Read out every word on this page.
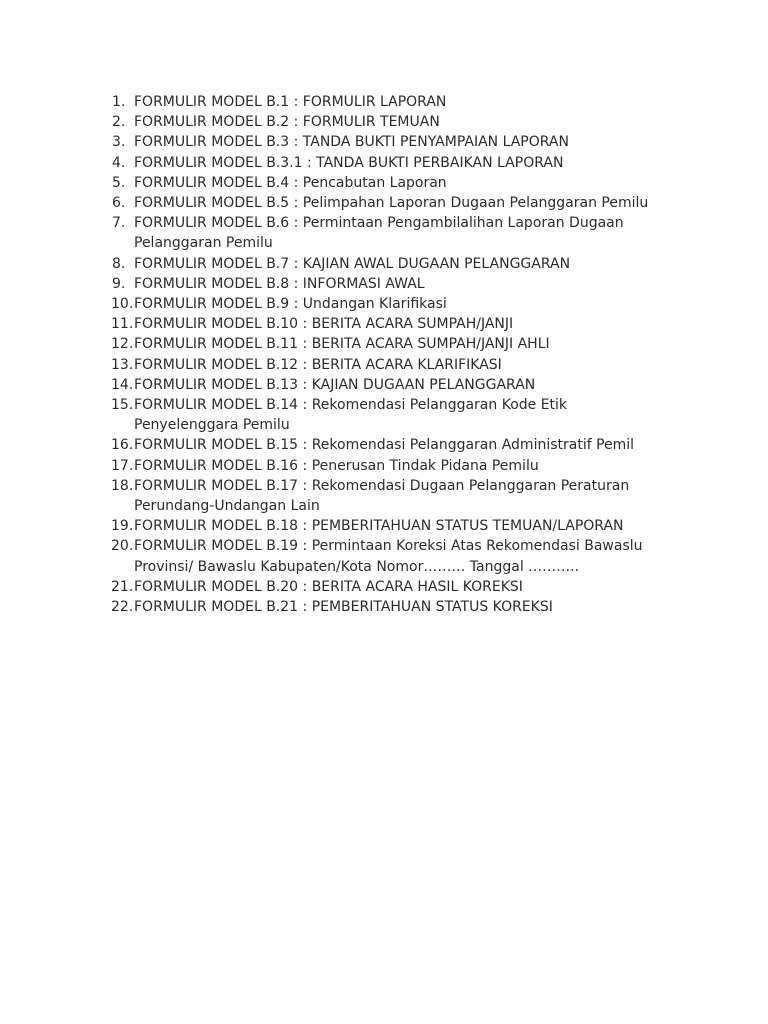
1. FORMULIR MODEL B.1 : FORMULIR LAPORAN
2. FORMULIR MODEL B.2 : FORMULIR TEMUAN
3. FORMULIR MODEL B.3 : TANDA BUKTI PENYAMPAIAN LAPORAN
4. FORMULIR MODEL B.3.1 : TANDA BUKTI PERBAIKAN LAPORAN
5. FORMULIR MODEL B.4 : Pencabutan Laporan
6. FORMULIR MODEL B.5 : Pelimpahan Laporan Dugaan Pelanggaran Pemilu
7. FORMULIR MODEL B.6 : Permintaan Pengambilalihan Laporan Dugaan Pelanggaran Pemilu
8. FORMULIR MODEL B.7 : KAJIAN AWAL DUGAAN PELANGGARAN
9. FORMULIR MODEL B.8 : INFORMASI AWAL
10. FORMULIR MODEL B.9 : Undangan Klarifikasi
11. FORMULIR MODEL B.10 : BERITA ACARA SUMPAH/JANJI
12. FORMULIR MODEL B.11 : BERITA ACARA SUMPAH/JANJI AHLI
13. FORMULIR MODEL B.12 : BERITA ACARA KLARIFIKASI
14. FORMULIR MODEL B.13 : KAJIAN DUGAAN PELANGGARAN
15. FORMULIR MODEL B.14 : Rekomendasi Pelanggaran Kode Etik Penyelenggara Pemilu
16. FORMULIR MODEL B.15 : Rekomendasi Pelanggaran Administratif Pemil
17. FORMULIR MODEL B.16 : Penerusan Tindak Pidana Pemilu
18. FORMULIR MODEL B.17 : Rekomendasi Dugaan Pelanggaran Peraturan Perundang-Undangan Lain
19. FORMULIR MODEL B.18 : PEMBERITAHUAN STATUS TEMUAN/LAPORAN
20. FORMULIR MODEL B.19 : Permintaan Koreksi Atas Rekomendasi Bawaslu Provinsi/ Bawaslu Kabupaten/Kota Nomor……… Tanggal ………..
21. FORMULIR MODEL B.20 : BERITA ACARA HASIL KOREKSI
22. FORMULIR MODEL B.21 : PEMBERITAHUAN STATUS KOREKSI
